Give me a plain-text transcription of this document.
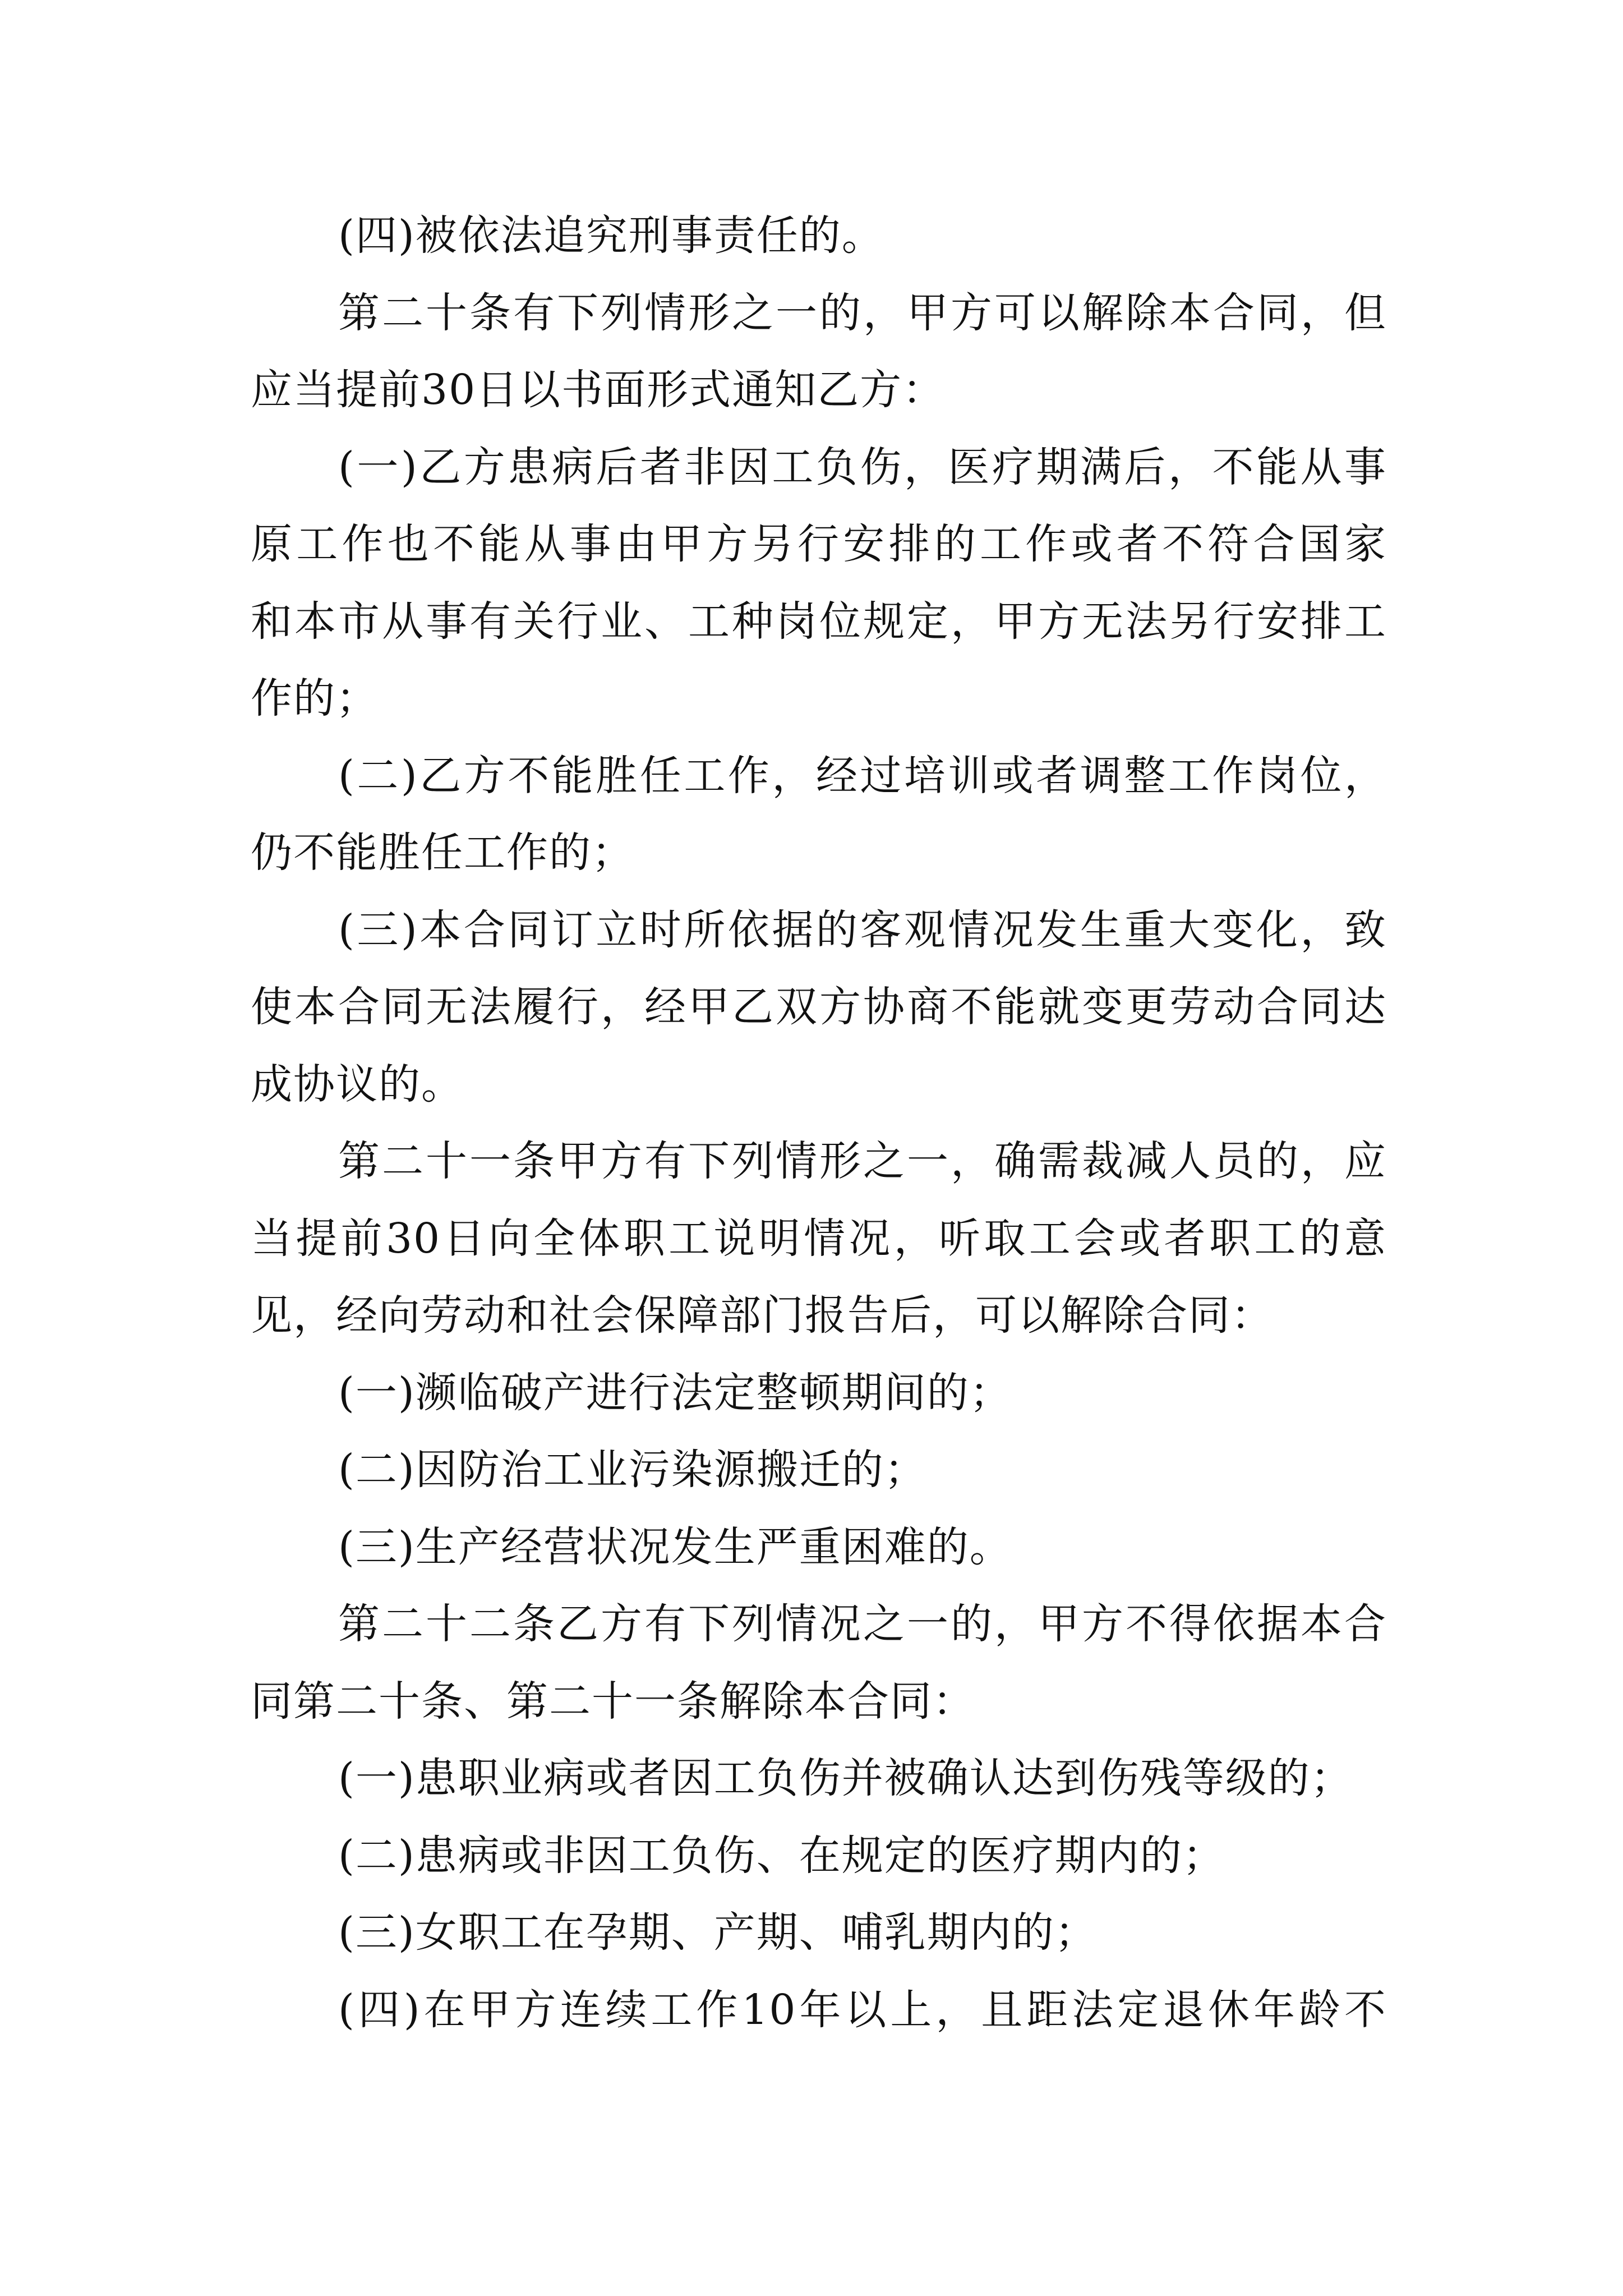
(四)被依法追究刑事责任的。
第二十条有下列情形之一的，甲方可以解除本合同，但
应当提前30日以书面形式通知乙方：
(一)乙方患病后者非因工负伤，医疗期满后，不能从事
原工作也不能从事由甲方另行安排的工作或者不符合国家
和本市从事有关行业、工种岗位规定，甲方无法另行安排工
作的；
(二)乙方不能胜任工作，经过培训或者调整工作岗位，
仍不能胜任工作的；
(三)本合同订立时所依据的客观情况发生重大变化，致
使本合同无法履行，经甲乙双方协商不能就变更劳动合同达
成协议的。
第二十一条甲方有下列情形之一，确需裁减人员的，应
当提前30日向全体职工说明情况，听取工会或者职工的意
见，经向劳动和社会保障部门报告后，可以解除合同：
(一)濒临破产进行法定整顿期间的；
(二)因防治工业污染源搬迁的；
(三)生产经营状况发生严重困难的。
第二十二条乙方有下列情况之一的，甲方不得依据本合
同第二十条、第二十一条解除本合同：
(一)患职业病或者因工负伤并被确认达到伤残等级的；
(二)患病或非因工负伤、在规定的医疗期内的；
(三)女职工在孕期、产期、哺乳期内的；
(四)在甲方连续工作10年以上，且距法定退休年龄不
